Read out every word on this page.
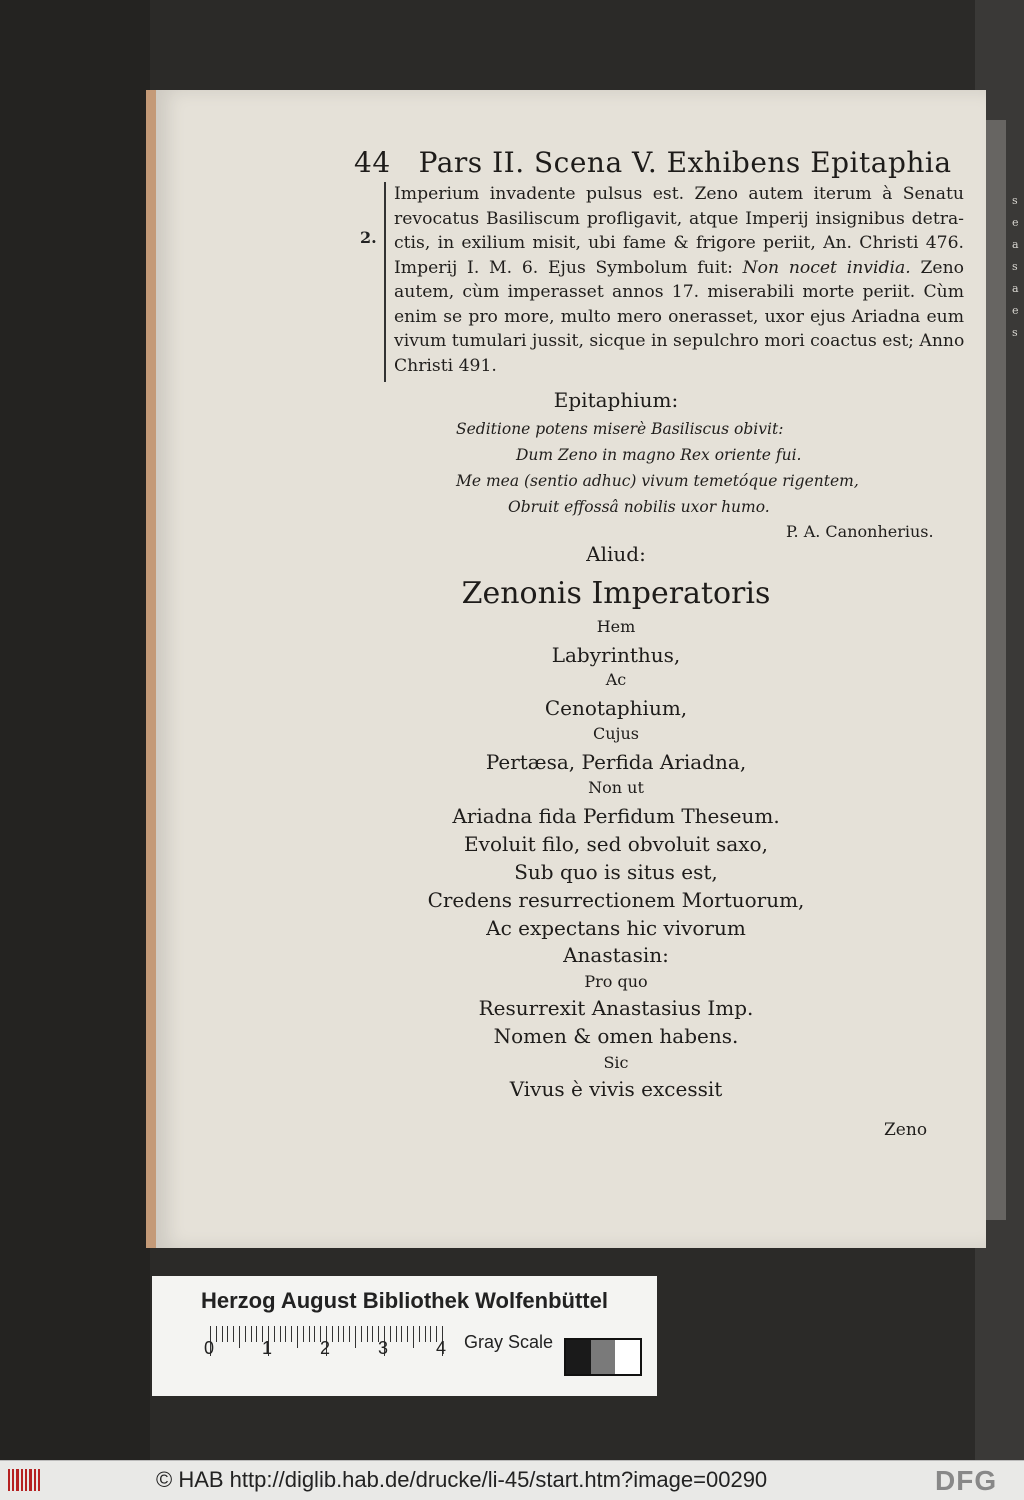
s
e
a
s
a
e
s
44 Pars II. Scena V. Exhibens Epitaphia
2.
Imperium invadente pulsus est. Zeno autem iterum à Senatu
revocatus Basiliscum profligavit, atque Imperij insignibus detra-
ctis, in exilium misit, ubi fame & frigore periit, An. Christi 476.
Imperij I. M. 6. Ejus Symbolum fuit: Non nocet invidia. Zeno
autem, cùm imperasset annos 17. miserabili morte periit. Cùm
enim se pro more, multo mero onerasset, uxor ejus Ariadna eum
vivum tumulari jussit, sicque in sepulchro mori coactus est; Anno
Christi 491.
Epitaphium:
Seditione potens miserè Basiliscus obivit:
Dum Zeno in magno Rex oriente fui.
Me mea (sentio adhuc) vivum temetóque rigentem,
Obruit effossâ nobilis uxor humo.
P. A. Canonherius.
Aliud:
Zenonis Imperatoris
Hem
Labyrinthus,
Ac
Cenotaphium,
Cujus
Pertæsa, Perfida Ariadna,
Non ut
Ariadna fida Perfidum Theseum.
Evoluit filo, sed obvoluit saxo,
Sub quo is situs est,
Credens resurrectionem Mortuorum,
Ac expectans hic vivorum
Anastasin:
Pro quo
Resurrexit Anastasius Imp.
Nomen & omen habens.
Sic
Vivus è vivis excessit
Zeno
Herzog August Bibliothek Wolfenbüttel
0	1	2	3	4 Gray Scale
© HAB http://diglib.hab.de/drucke/li-45/start.htm?image=00290	DFG
